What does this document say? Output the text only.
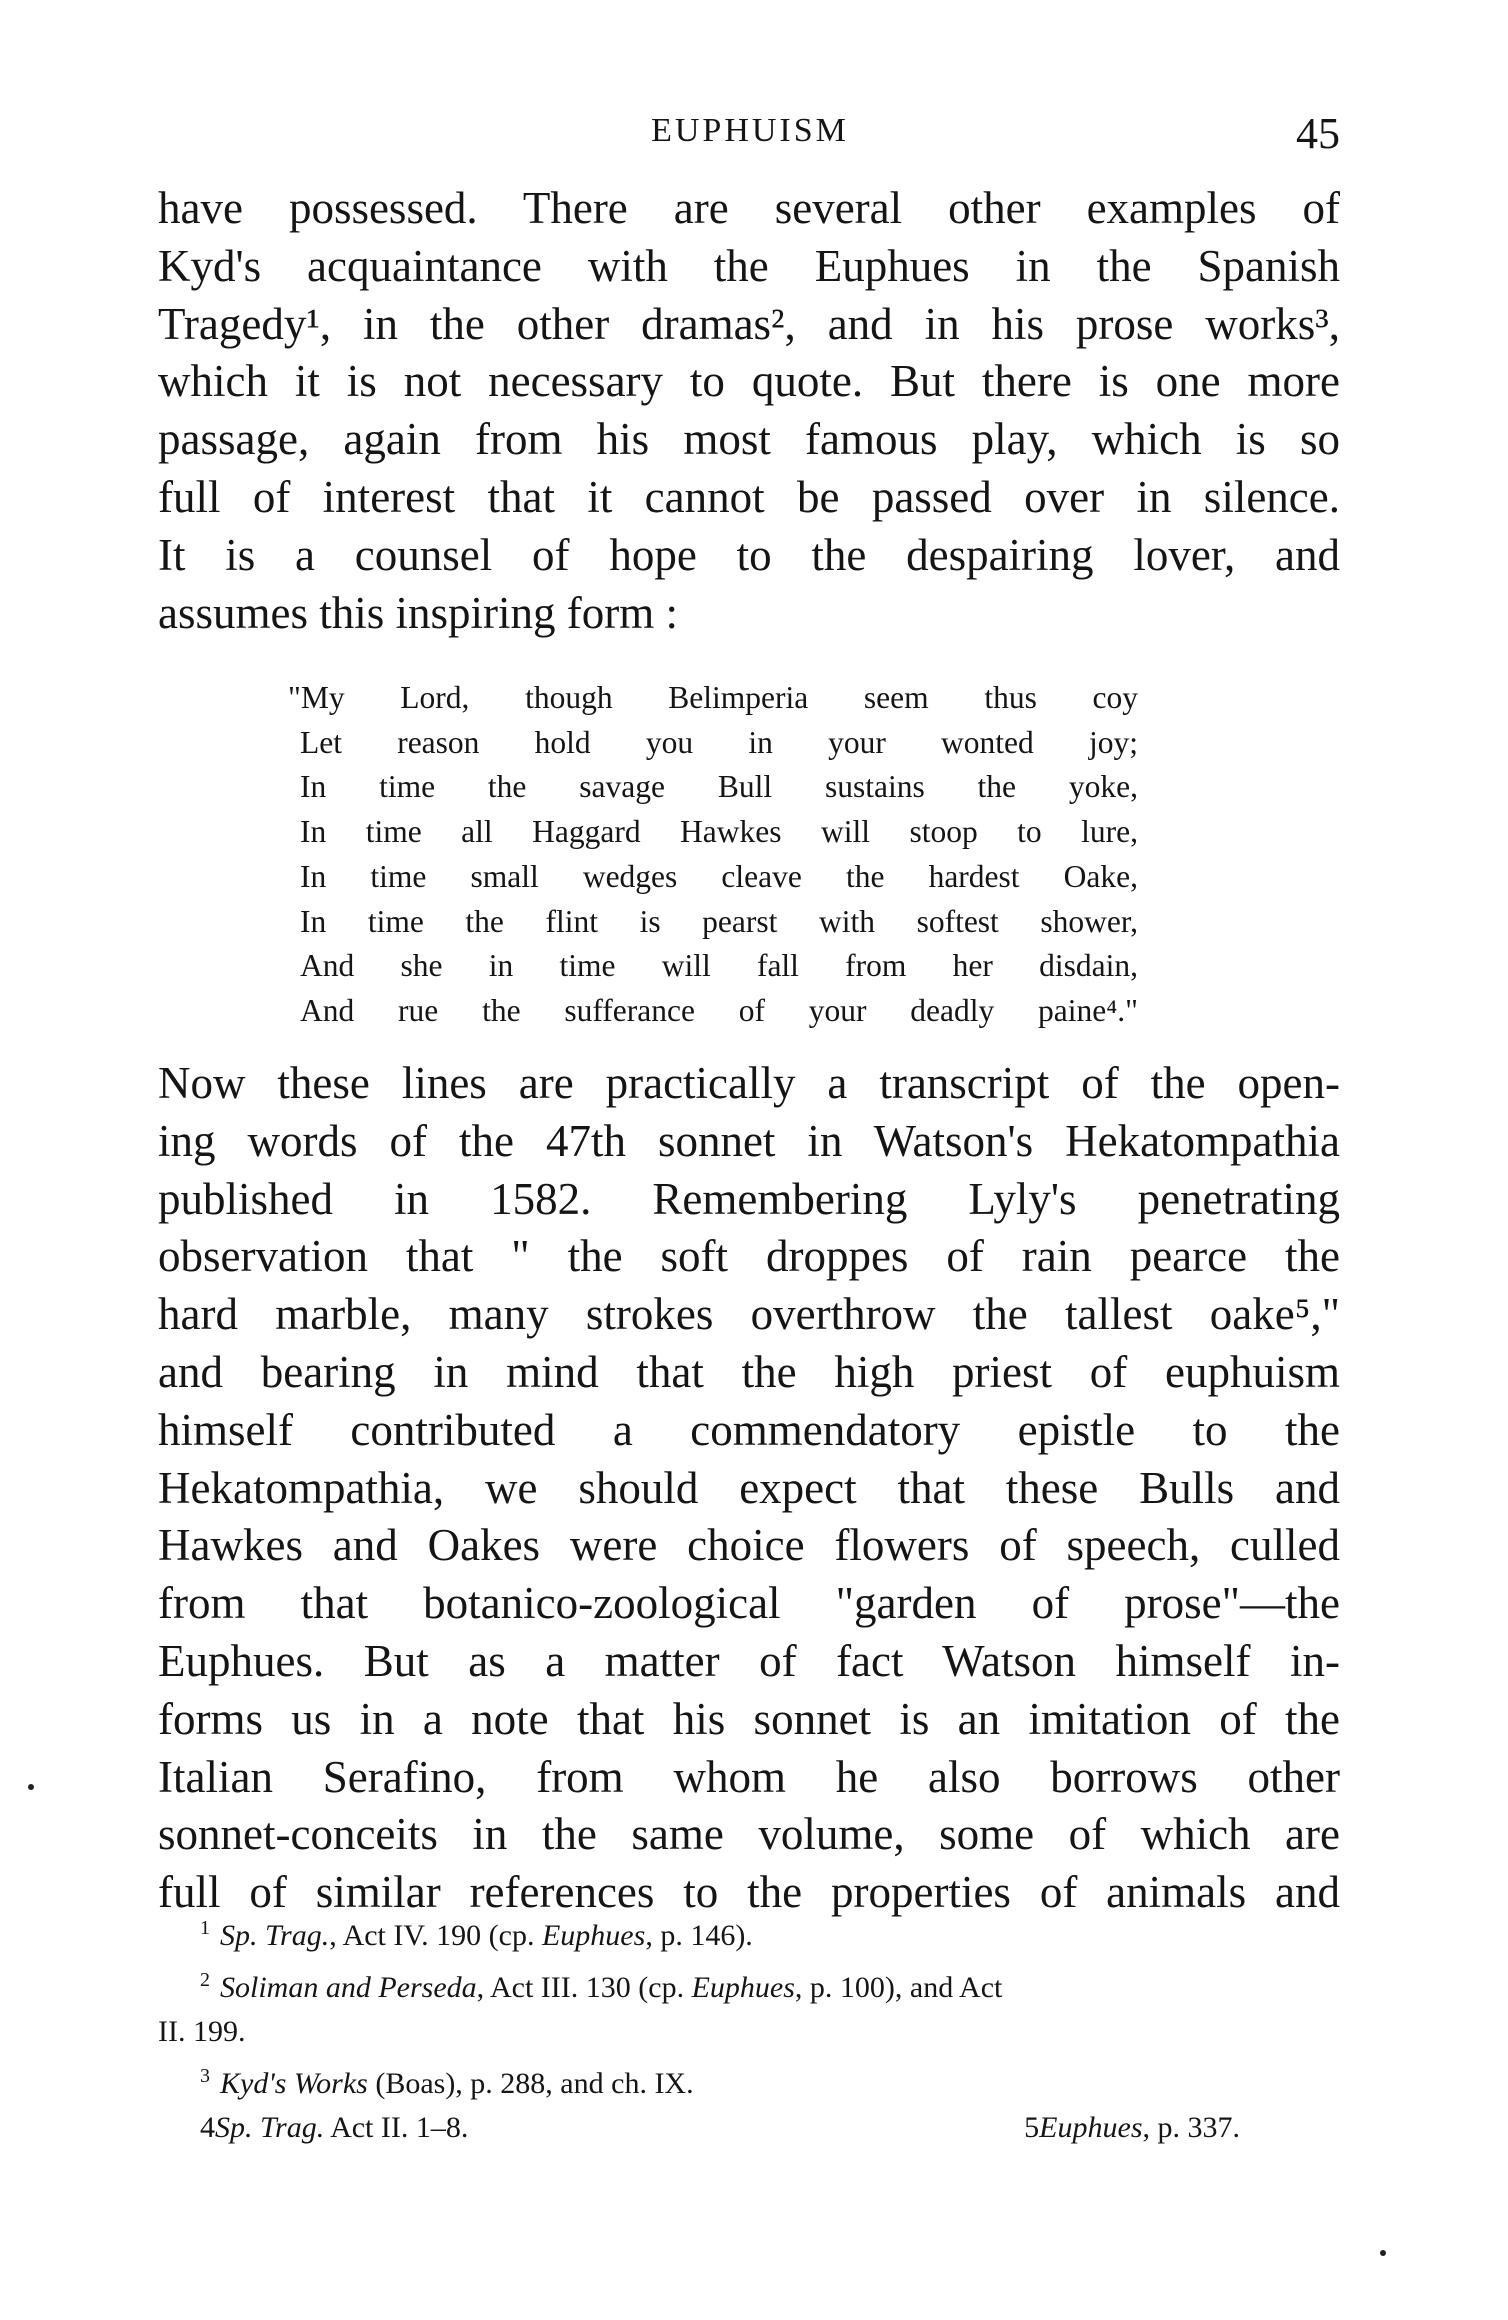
EUPHUISM	45
have possessed. There are several other examples of
Kyd's acquaintance with the Euphues in the Spanish
Tragedy¹, in the other dramas², and in his prose works³,
which it is not necessary to quote. But there is one more
passage, again from his most famous play, which is so
full of interest that it cannot be passed over in silence.
It is a counsel of hope to the despairing lover, and
assumes this inspiring form :
"My Lord, though Belimperia seem thus coy
Let reason hold you in your wonted joy;
In time the savage Bull sustains the yoke,
In time all Haggard Hawkes will stoop to lure,
In time small wedges cleave the hardest Oake,
In time the flint is pearst with softest shower,
And she in time will fall from her disdain,
And rue the sufferance of your deadly paine⁴."
Now these lines are practically a transcript of the open-
ing words of the 47th sonnet in Watson's Hekatompathia
published in 1582. Remembering Lyly's penetrating
observation that " the soft droppes of rain pearce the
hard marble, many strokes overthrow the tallest oake⁵,"
and bearing in mind that the high priest of euphuism
himself contributed a commendatory epistle to the
Hekatompathia, we should expect that these Bulls and
Hawkes and Oakes were choice flowers of speech, culled
from that botanico-zoological "garden of prose"—the
Euphues. But as a matter of fact Watson himself in-
forms us in a note that his sonnet is an imitation of the
Italian Serafino, from whom he also borrows other
sonnet-conceits in the same volume, some of which are
full of similar references to the properties of animals and
$^1$ Sp. Trag., Act IV. 190 (cp. Euphues, p. 146).
$^2$ Soliman and Perseda, Act III. 130 (cp. Euphues, p. 100), and Act
II. 199.
$^3$ Kyd's Works (Boas), p. 288, and ch. IX.
4Sp. Trag. Act II. 1–8.	5Euphues, p. 337.
